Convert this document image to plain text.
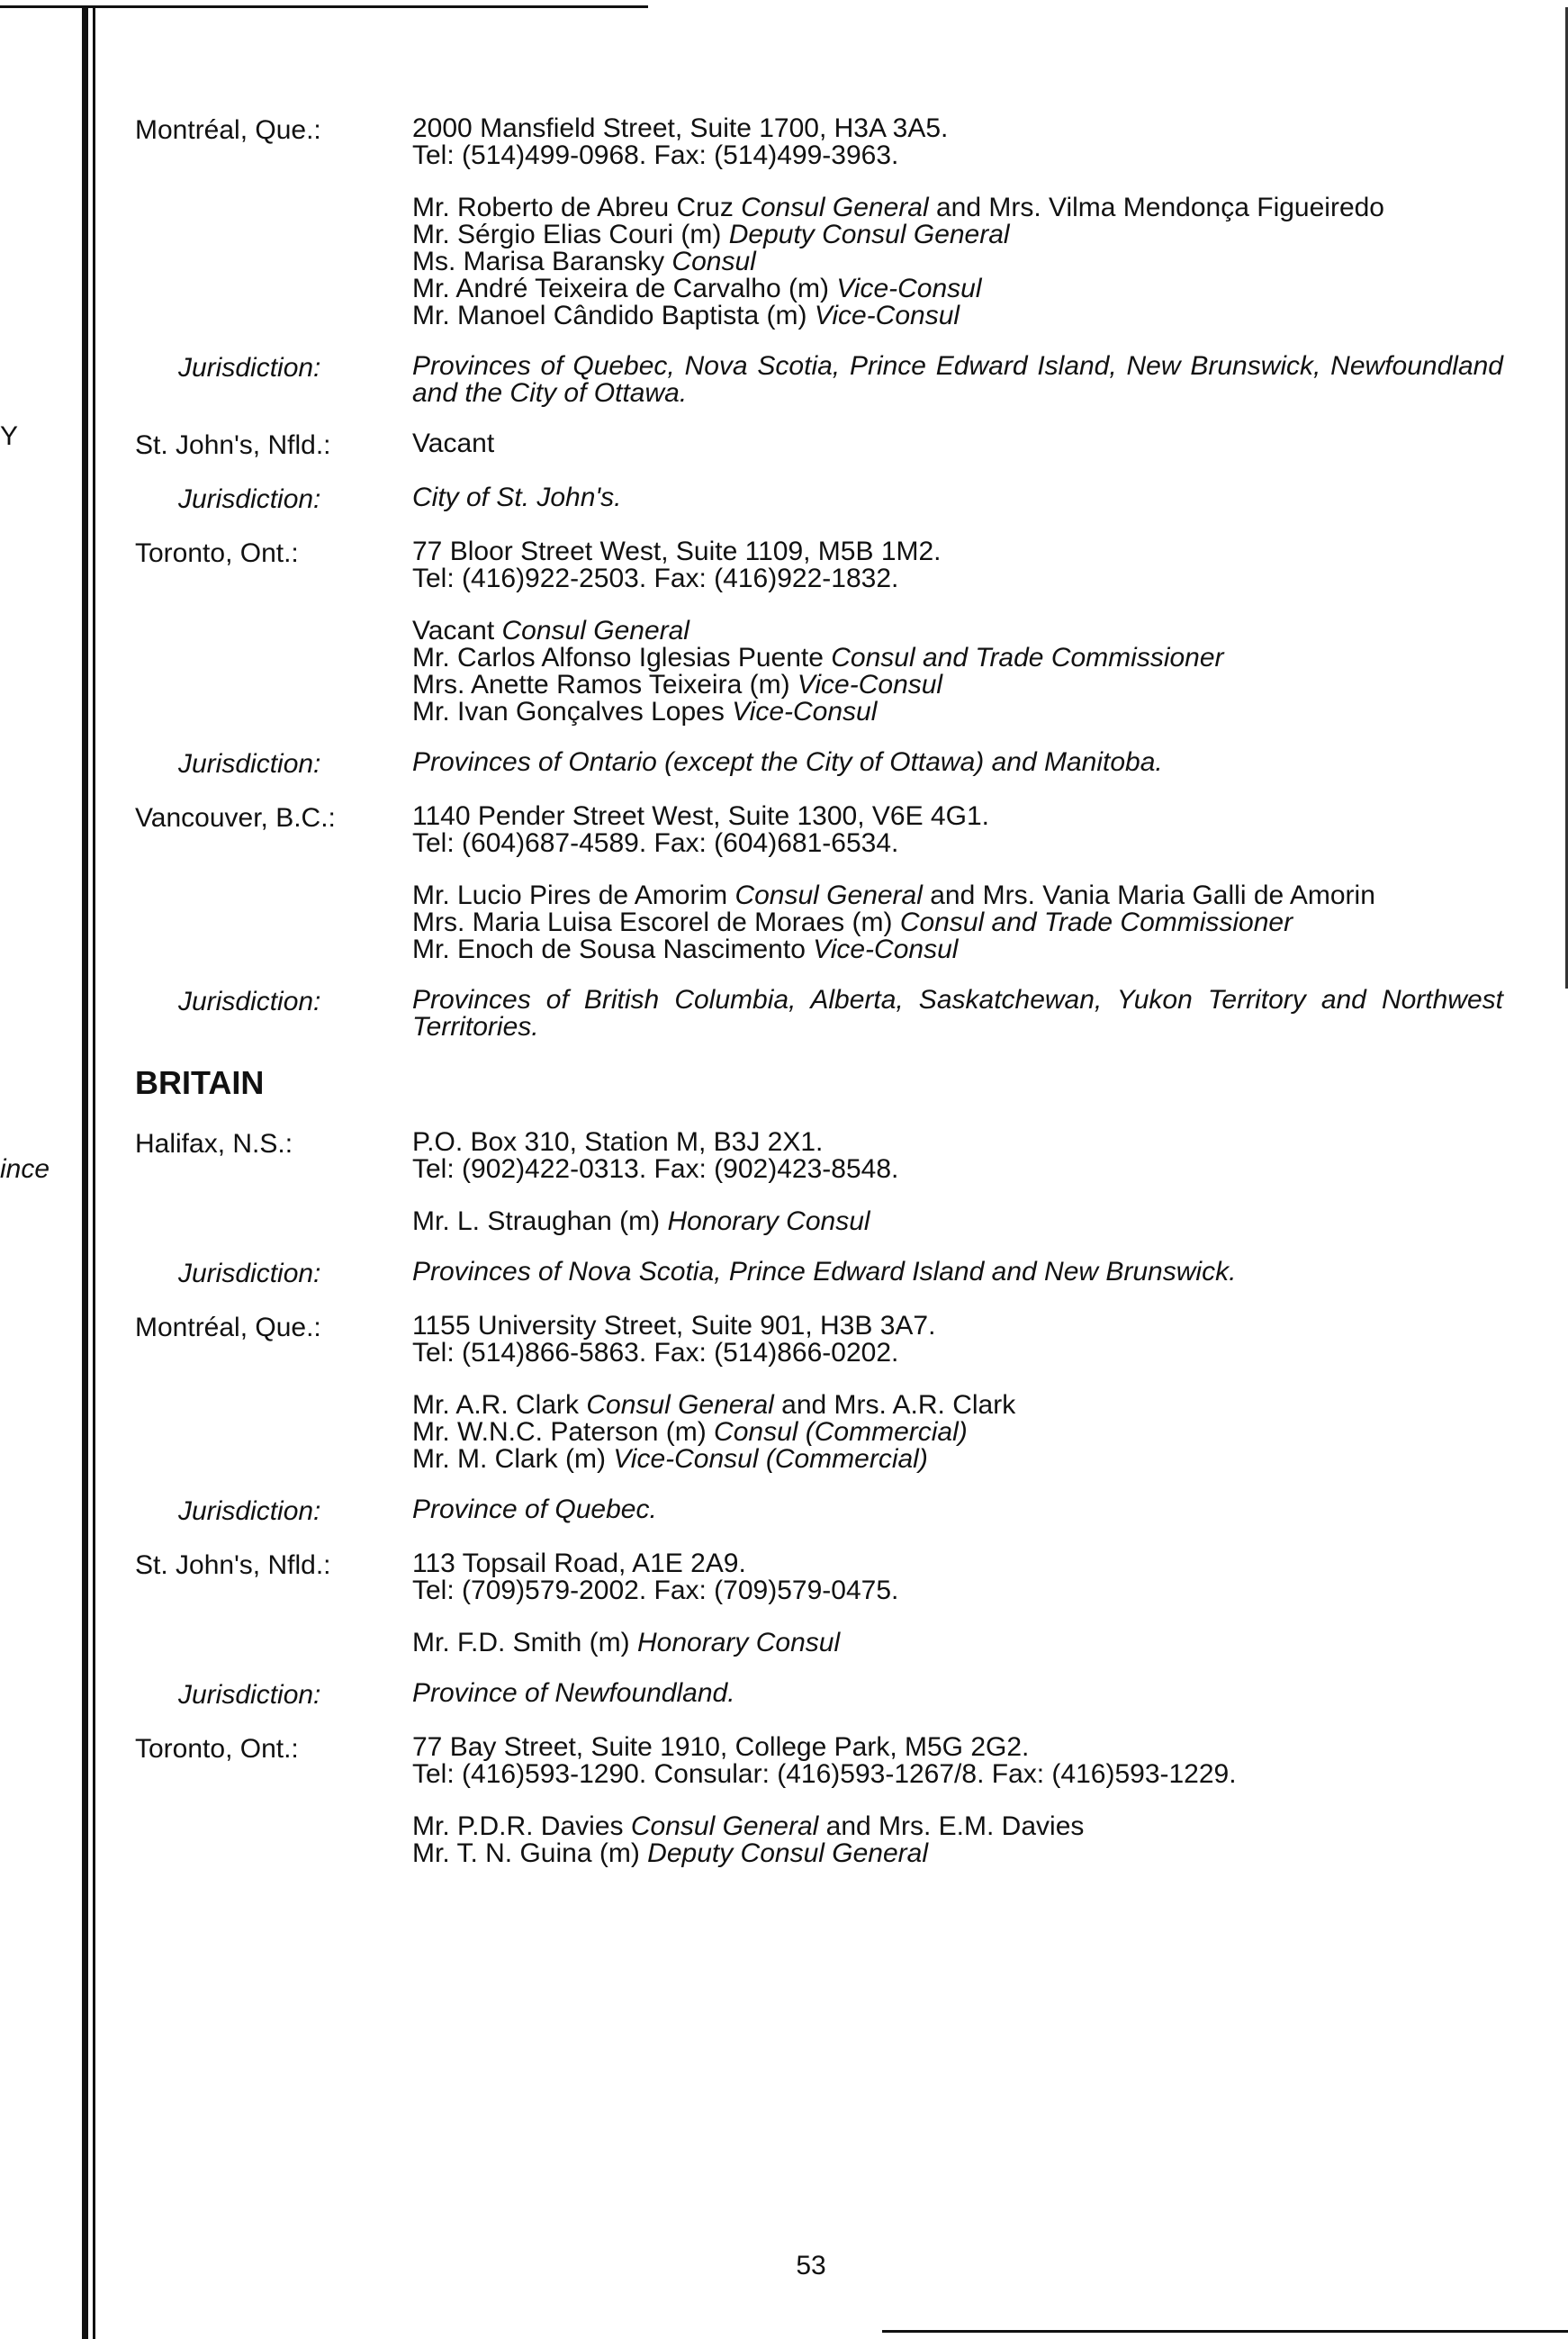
Y
ince
Montréal, Que.:	2000 Mansfield Street, Suite 1700, H3A 3A5.
Tel: (514)499-0968. Fax: (514)499-3963.
Mr. Roberto de Abreu Cruz Consul General and Mrs. Vilma Mendonça Figueiredo
Mr. Sérgio Elias Couri (m) Deputy Consul General
Ms. Marisa Baransky Consul
Mr. André Teixeira de Carvalho (m) Vice-Consul
Mr. Manoel Cândido Baptista (m) Vice-Consul
Jurisdiction:	Provinces of Quebec, Nova Scotia, Prince Edward Island, New Brunswick, Newfoundland and the City of Ottawa.
St. John's, Nfld.:	Vacant
Jurisdiction:	City of St. John's.
Toronto, Ont.:	77 Bloor Street West, Suite 1109, M5B 1M2.
Tel: (416)922-2503. Fax: (416)922-1832.
Vacant Consul General
Mr. Carlos Alfonso Iglesias Puente Consul and Trade Commissioner
Mrs. Anette Ramos Teixeira (m) Vice-Consul
Mr. Ivan Gonçalves Lopes Vice-Consul
Jurisdiction:	Provinces of Ontario (except the City of Ottawa) and Manitoba.
Vancouver, B.C.:	1140 Pender Street West, Suite 1300, V6E 4G1.
Tel: (604)687-4589. Fax: (604)681-6534.
Mr. Lucio Pires de Amorim Consul General and Mrs. Vania Maria Galli de Amorin
Mrs. Maria Luisa Escorel de Moraes (m) Consul and Trade Commissioner
Mr. Enoch de Sousa Nascimento Vice-Consul
Jurisdiction:	Provinces of British Columbia, Alberta, Saskatchewan, Yukon Territory and Northwest Territories.
BRITAIN
Halifax, N.S.:	P.O. Box 310, Station M, B3J 2X1.
Tel: (902)422-0313. Fax: (902)423-8548.
Mr. L. Straughan (m) Honorary Consul
Jurisdiction:	Provinces of Nova Scotia, Prince Edward Island and New Brunswick.
Montréal, Que.:	1155 University Street, Suite 901, H3B 3A7.
Tel: (514)866-5863. Fax: (514)866-0202.
Mr. A.R. Clark Consul General and Mrs. A.R. Clark
Mr. W.N.C. Paterson (m) Consul (Commercial)
Mr. M. Clark (m) Vice-Consul (Commercial)
Jurisdiction:	Province of Quebec.
St. John's, Nfld.:	113 Topsail Road, A1E 2A9.
Tel: (709)579-2002. Fax: (709)579-0475.
Mr. F.D. Smith (m) Honorary Consul
Jurisdiction:	Province of Newfoundland.
Toronto, Ont.:	77 Bay Street, Suite 1910, College Park, M5G 2G2.
Tel: (416)593-1290. Consular: (416)593-1267/8. Fax: (416)593-1229.
Mr. P.D.R. Davies Consul General and Mrs. E.M. Davies
Mr. T. N. Guina (m) Deputy Consul General
53
